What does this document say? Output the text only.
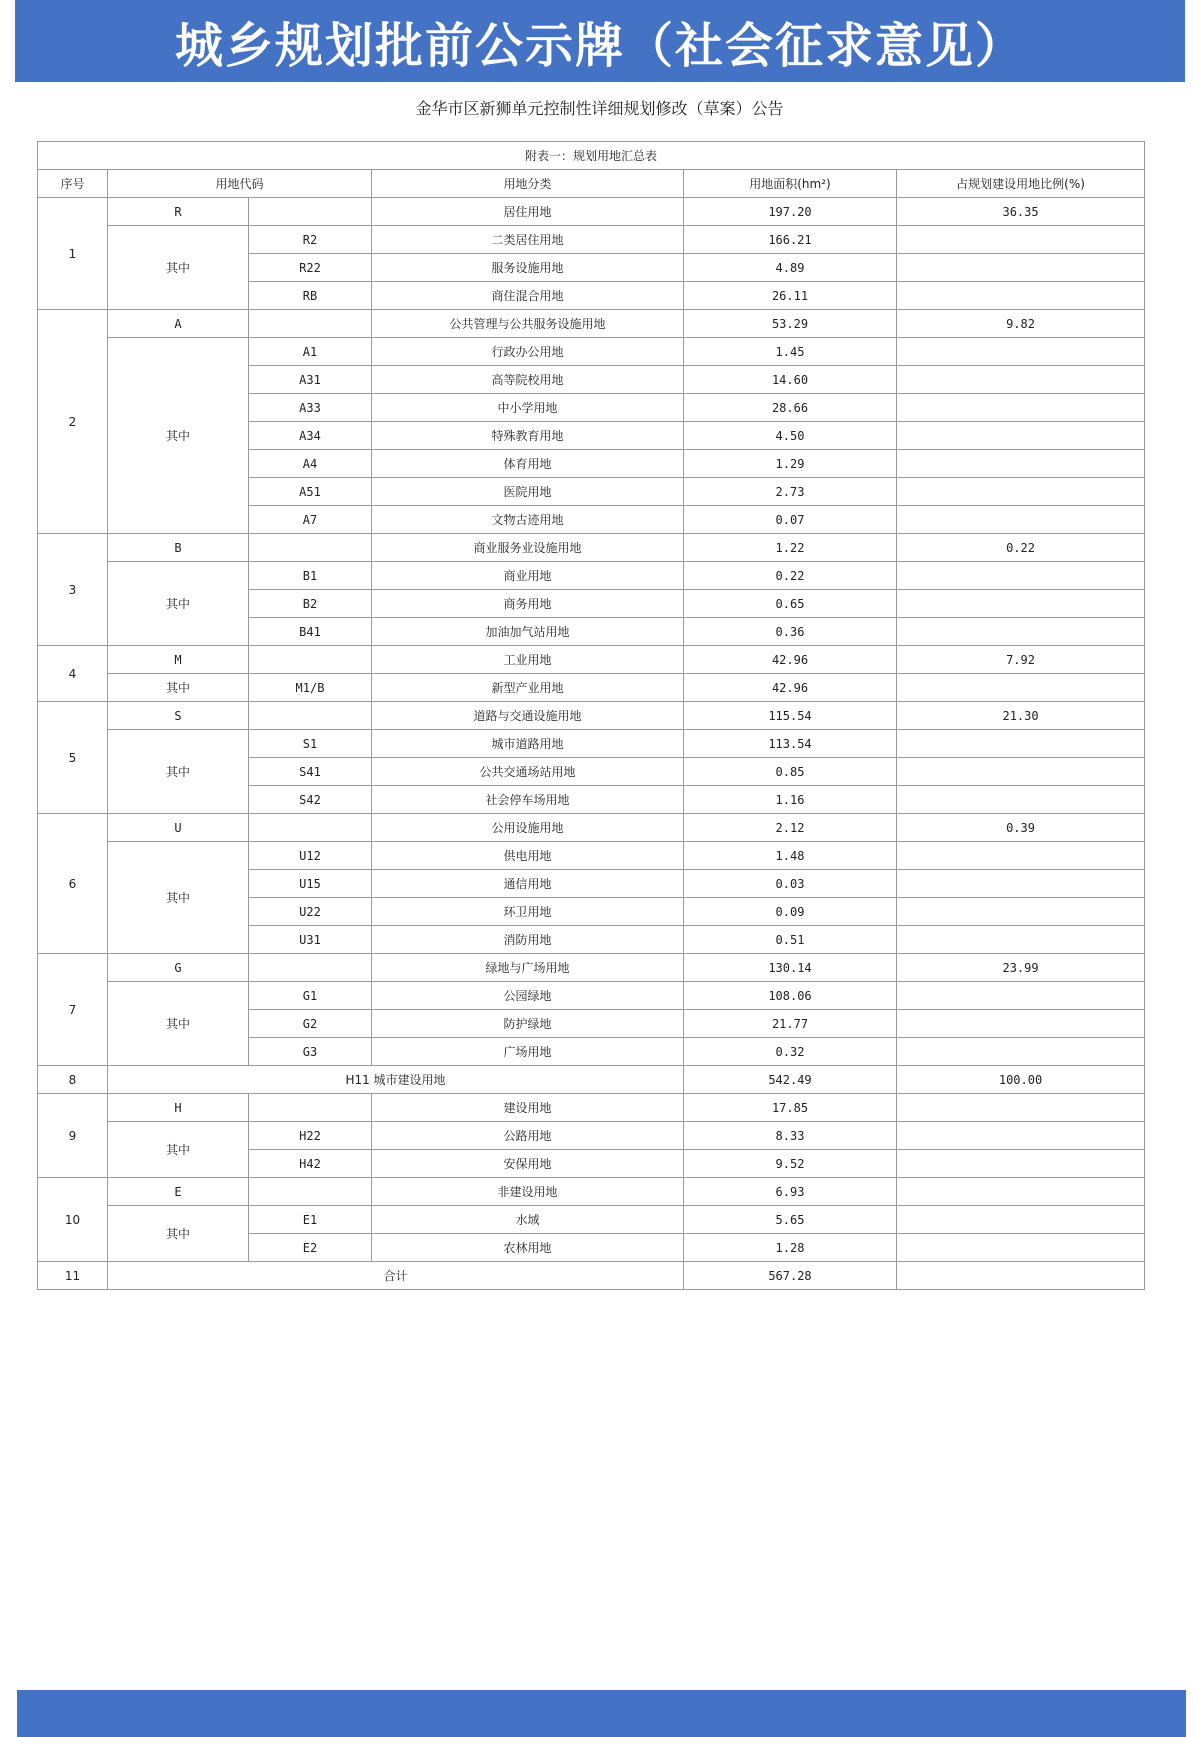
城乡规划批前公示牌（社会征求意见）
金华市区新狮单元控制性详细规划修改（草案）公告
附表一：规划用地汇总表					
序号	用地代码		用地分类	用地面积(hm²)	占规划建设用地比例(%)
1	R		居住用地	197.20	36.35
	其中	R2	二类居住用地	166.21	
		R22	服务设施用地	4.89	
		RB	商住混合用地	26.11	
2	A		公共管理与公共服务设施用地	53.29	9.82
	其中	A1	行政办公用地	1.45	
		A31	高等院校用地	14.60	
		A33	中小学用地	28.66	
		A34	特殊教育用地	4.50	
		A4	体育用地	1.29	
		A51	医院用地	2.73	
		A7	文物古迹用地	0.07	
3	B		商业服务业设施用地	1.22	0.22
	其中	B1	商业用地	0.22	
		B2	商务用地	0.65	
		B41	加油加气站用地	0.36	
4	M		工业用地	42.96	7.92
	其中	M1/B	新型产业用地	42.96	
5	S		道路与交通设施用地	115.54	21.30
	其中	S1	城市道路用地	113.54	
		S41	公共交通场站用地	0.85	
		S42	社会停车场用地	1.16	
6	U		公用设施用地	2.12	0.39
	其中	U12	供电用地	1.48	
		U15	通信用地	0.03	
		U22	环卫用地	0.09	
		U31	消防用地	0.51	
7	G		绿地与广场用地	130.14	23.99
	其中	G1	公园绿地	108.06	
		G2	防护绿地	21.77	
		G3	广场用地	0.32	
8	H11 城市建设用地			542.49	100.00
9	H		建设用地	17.85	
	其中	H22	公路用地	8.33	
		H42	安保用地	9.52	
10	E		非建设用地	6.93	
	其中	E1	水域	5.65	
		E2	农林用地	1.28	
11	合计			567.28	
